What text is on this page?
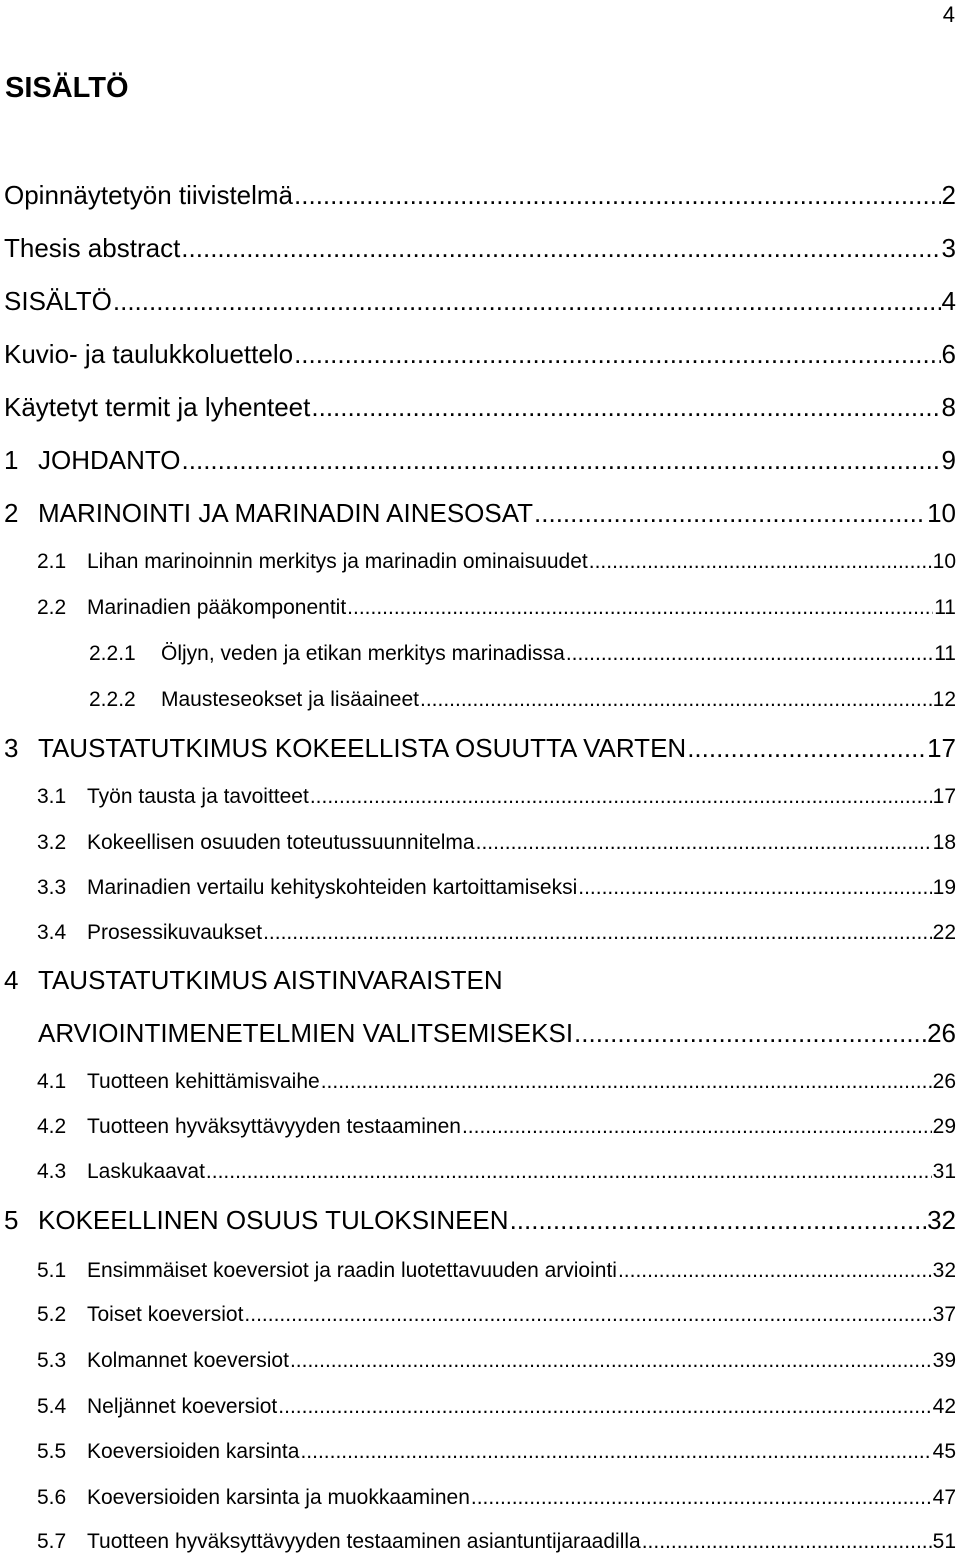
4
SISÄLTÖ
Opinnäytetyön tiivistelmä .....	2
Thesis abstract .....	3
SISÄLTÖ .....	4
Kuvio- ja taulukkoluettelo .....	6
Käytetyt termit ja lyhenteet .....	8
1 JOHDANTO .....	9
2 MARINOINTI JA MARINADIN AINESOSAT .....	10
2.1 Lihan marinoinnin merkitys ja marinadin ominaisuudet .....	10
2.2 Marinadien pääkomponentit .....	11
2.2.1	Öljyn, veden ja etikan merkitys marinadissa .....	11
2.2.2	Mausteseokset ja lisäaineet .....	12
3 TAUSTATUTKIMUS KOKEELLISTA OSUUTTA VARTEN .....	17
3.1 Työn tausta ja tavoitteet .....	17
3.2 Kokeellisen osuuden toteutussuunnitelma .....	18
3.3 Marinadien vertailu kehityskohteiden kartoittamiseksi .....	19
3.4 Prosessikuvaukset .....	22
4 TAUSTATUTKIMUS AISTINVARAISTEN
ARVIOINTIMENETELMIEN VALITSEMISEKSI .....	26
4.1 Tuotteen kehittämisvaihe .....	26
4.2 Tuotteen hyväksyttävyyden testaaminen .....	29
4.3 Laskukaavat .....	31
5 KOKEELLINEN OSUUS TULOKSINEEN .....	32
5.1 Ensimmäiset koeversiot ja raadin luotettavuuden arviointi .....	32
5.2 Toiset koeversiot .....	37
5.3 Kolmannet koeversiot .....	39
5.4 Neljännet koeversiot .....	42
5.5 Koeversioiden karsinta .....	45
5.6 Koeversioiden karsinta ja muokkaaminen .....	47
5.7 Tuotteen hyväksyttävyyden testaaminen asiantuntijaraadilla .....	51
